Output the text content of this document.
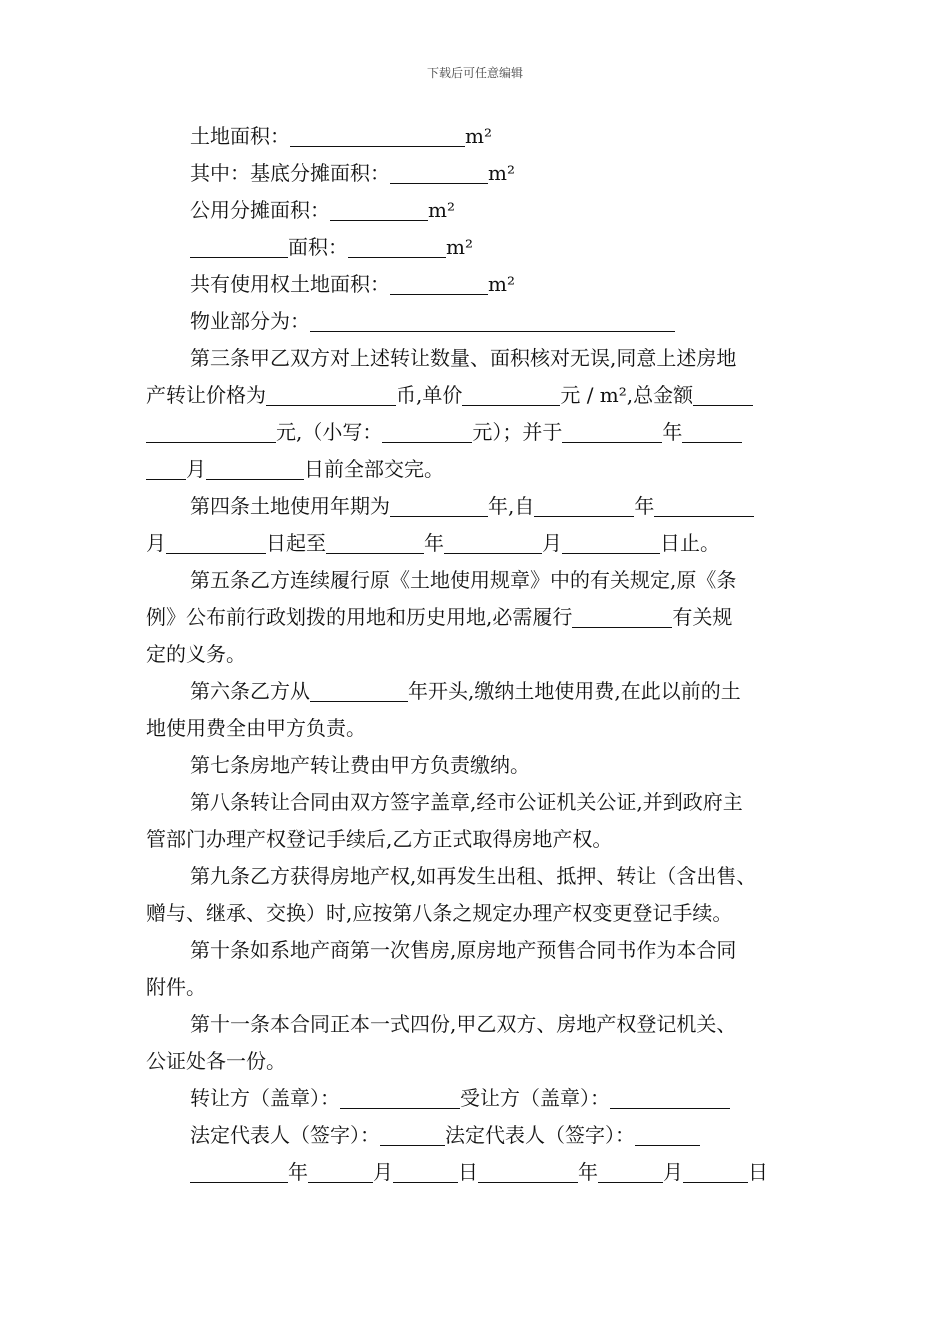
下载后可任意编辑
土地面积：	m²
其中：基底分摊面积：	m²
公用分摊面积：	m²
面积：	m²
共有使用权土地面积：	m²
物业部分为：
第三条甲乙双方对上述转让数量、面积核对无误,同意上述房地
产转让价格为	币,单价	元 / m²,总金额
元,（小写：	元）；并于	年
月	日前全部交完。
第四条土地使用年期为	年,自	年
月	日起至	年	月	日止。
第五条乙方连续履行原《土地使用规章》中的有关规定,原《条
例》公布前行政划拨的用地和历史用地,必需履行	有关规
定的义务。
第六条乙方从	年开头,缴纳土地使用费,在此以前的土
地使用费全由甲方负责。
第七条房地产转让费由甲方负责缴纳。
第八条转让合同由双方签字盖章,经市公证机关公证,并到政府主
管部门办理产权登记手续后,乙方正式取得房地产权。
第九条乙方获得房地产权,如再发生出租、抵押、转让（含出售、
赠与、继承、交换）时,应按第八条之规定办理产权变更登记手续。
第十条如系地产商第一次售房,原房地产预售合同书作为本合同
附件。
第十一条本合同正本一式四份,甲乙双方、房地产权登记机关、
公证处各一份。
转让方（盖章）：	受让方（盖章）：
法定代表人（签字）：	法定代表人（签字）：
年	月	日	年	月	日
